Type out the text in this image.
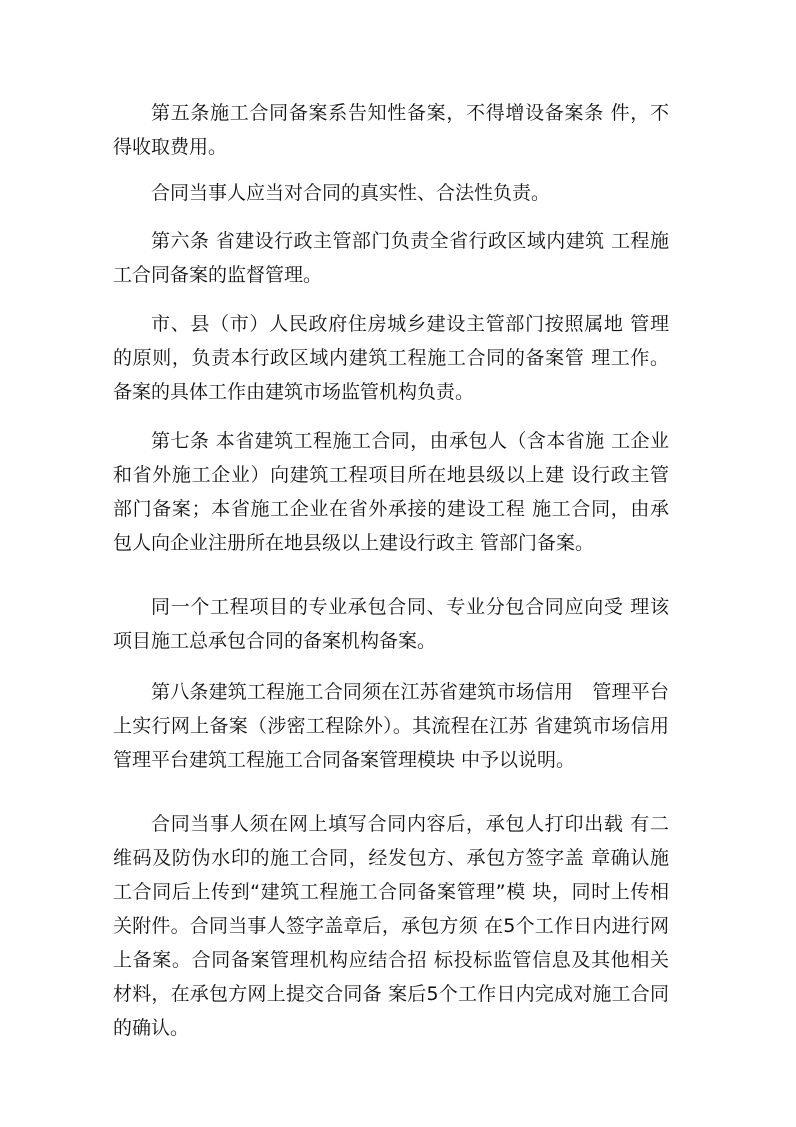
第五条施工合同备案系告知性备案，不得增设备案条 件，不得收取费用。

合同当事人应当对合同的真实性、合法性负责。

第六条 省建设行政主管部门负责全省行政区域内建筑 工程施工合同备案的监督管理。

市、县（市）人民政府住房城乡建设主管部门按照属地 管理的原则，负责本行政区域内建筑工程施工合同的备案管 理工作。备案的具体工作由建筑市场监管机构负责。

第七条 本省建筑工程施工合同，由承包人（含本省施 工企业和省外施工企业）向建筑工程项目所在地县级以上建 设行政主管部门备案；本省施工企业在省外承接的建设工程 施工合同，由承包人向企业注册所在地县级以上建设行政主 管部门备案。

同一个工程项目的专业承包合同、专业分包合同应向受 理该项目施工总承包合同的备案机构备案。

第八条建筑工程施工合同须在江苏省建筑市场信用　管理平台上实行网上备案（涉密工程除外）。其流程在江苏 省建筑市场信用管理平台建筑工程施工合同备案管理模块 中予以说明。

合同当事人须在网上填写合同内容后，承包人打印出载 有二维码及防伪水印的施工合同，经发包方、承包方签字盖 章确认施工合同后上传到“建筑工程施工合同备案管理”模 块，同时上传相关附件。合同当事人签字盖章后，承包方须 在5个工作日内进行网上备案。合同备案管理机构应结合招 标投标监管信息及其他相关材料，在承包方网上提交合同备 案后5个工作日内完成对施工合同的确认。
